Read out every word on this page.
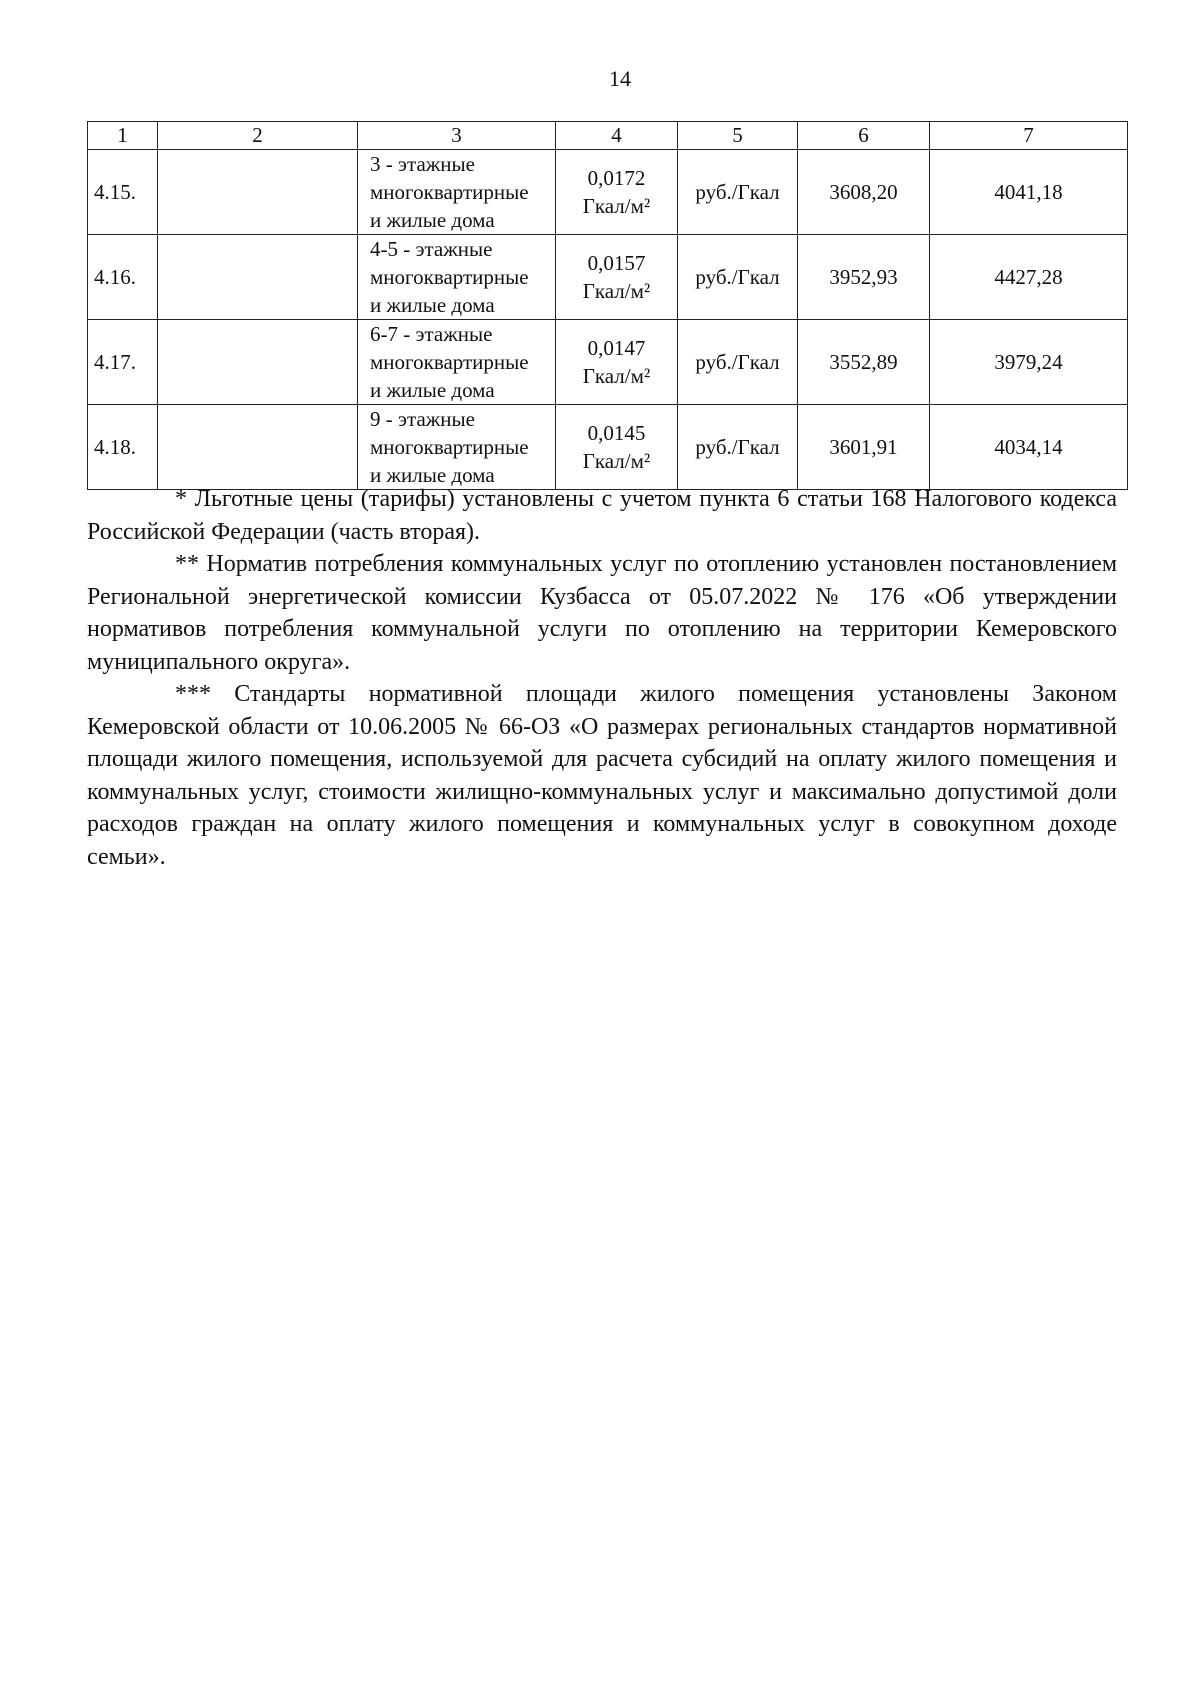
14
1	2	3	4	5	6	7
4.15.		3 - этажные
многоквартирные
и жилые дома	0,0172
Гкал/м²	руб./Гкал	3608,20	4041,18
4.16.		4-5 - этажные
многоквартирные
и жилые дома	0,0157
Гкал/м²	руб./Гкал	3952,93	4427,28
4.17.		6-7 - этажные
многоквартирные
и жилые дома	0,0147
Гкал/м²	руб./Гкал	3552,89	3979,24
4.18.		9 - этажные
многоквартирные
и жилые дома	0,0145
Гкал/м²	руб./Гкал	3601,91	4034,14

* Льготные цены (тарифы) установлены с учетом пункта 6 статьи 168 Налогового кодекса Российской Федерации (часть вторая).

** Норматив потребления коммунальных услуг по отоплению установлен постановлением Региональной энергетической комиссии Кузбасса от 05.07.2022 № 176 «Об утверждении нормативов потребления коммунальной услуги по отоплению на территории Кемеровского муниципального округа».

*** Стандарты нормативной площади жилого помещения установлены Законом Кемеровской области от 10.06.2005 № 66-ОЗ «О размерах региональных стандартов нормативной площади жилого помещения, используемой для расчета субсидий на оплату жилого помещения и коммунальных услуг, стоимости жилищно-коммунальных услуг и максимально допустимой доли расходов граждан на оплату жилого помещения и коммунальных услуг в совокупном доходе семьи».
